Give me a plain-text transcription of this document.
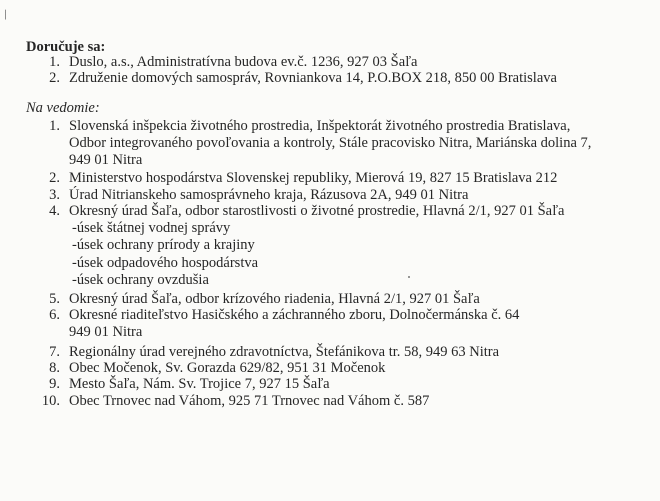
/
Doručuje sa:
Na vedomie:
1. Duslo, a.s., Administratívna budova ev.č. 1236, 927 03 Šaľa
2. Združenie domových samospráv, Rovniankova 14, P.O.BOX 218, 850 00 Bratislava
1. Slovenská inšpekcia životného prostredia, Inšpektorát životného prostredia Bratislava,
Odbor integrovaného povoľovania a kontroly, Stále pracovisko Nitra, Mariánska dolina 7,
949 01 Nitra
2. Ministerstvo hospodárstva Slovenskej republiky, Mierová 19, 827 15 Bratislava 212
3. Úrad Nitrianskeho samosprávneho kraja, Rázusova 2A, 949 01 Nitra
4. Okresný úrad Šaľa, odbor starostlivosti o životné prostredie, Hlavná 2/1, 927 01 Šaľa
5. Okresný úrad Šaľa, odbor krízového riadenia, Hlavná 2/1, 927 01 Šaľa
6. Okresné riaditeľstvo Hasičského a záchranného zboru, Dolnočermánska č. 64
949 01 Nitra
7. Regionálny úrad verejného zdravotníctva, Štefánikova tr. 58, 949 63 Nitra
8. Obec Močenok, Sv. Gorazda 629/82, 951 31 Močenok
9. Mesto Šaľa, Nám. Sv. Trojice 7, 927 15 Šaľa
10. Obec Trnovec nad Váhom, 925 71 Trnovec nad Váhom č. 587
-úsek štátnej vodnej správy
-úsek ochrany prírody a krajiny
-úsek odpadového hospodárstva
-úsek ochrany ovzdušia
